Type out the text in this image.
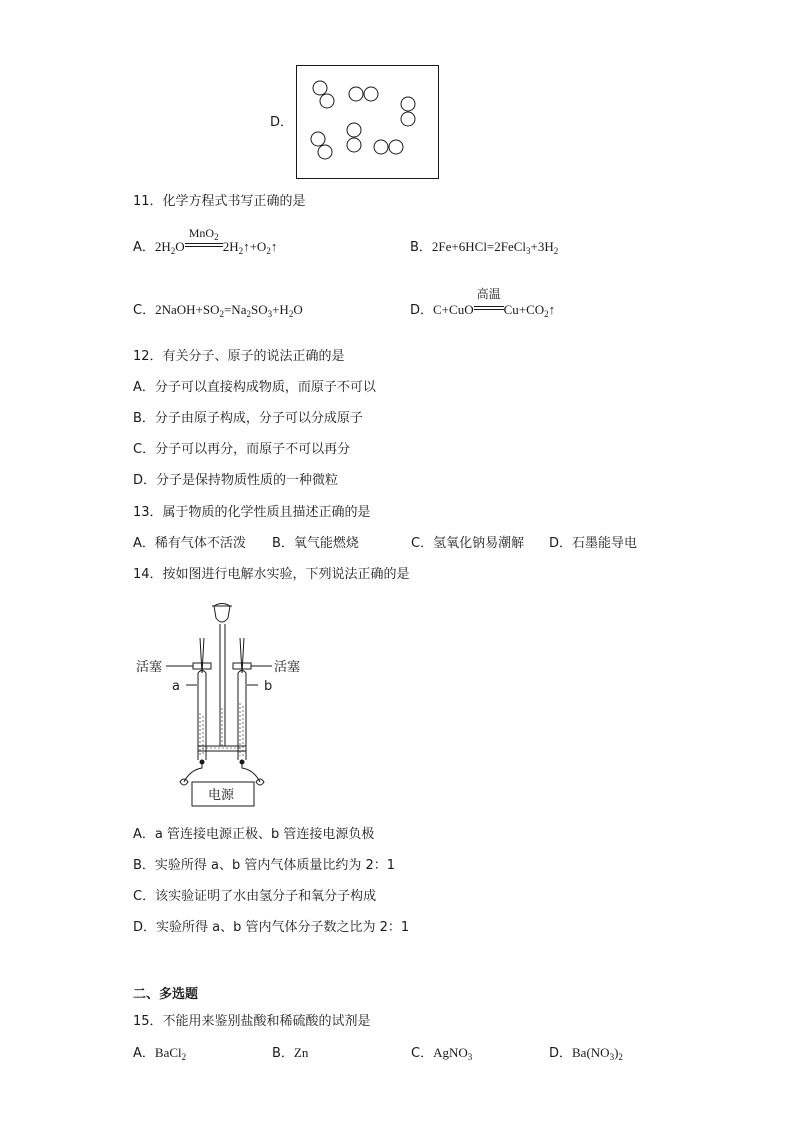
D．
11．化学方程式书写正确的是
A．$2H_2O$
MnO$_2$
$2H_2↑+O_2↑$	B．$2Fe+6HCl=2FeCl_3+3H_2$
C．$2NaOH+SO_2=Na_2SO_3+H_2O$	D．C+CuO
高温
$Cu+CO_2↑$
12．有关分子、原子的说法正确的是
A．分子可以直接构成物质，而原子不可以
B．分子由原子构成，分子可以分成原子
C．分子可以再分，而原子不可以再分
D．分子是保持物质性质的一种微粒
13．属于物质的化学性质且描述正确的是
A．稀有气体不活泼 B．氧气能燃烧	C．氢氧化钠易潮解 D．石墨能导电
14．按如图进行电解水实验，下列说法正确的是
活塞	活塞
a	b
电源
A．a 管连接电源正极、b 管连接电源负极
B．实验所得 a、b 管内气体质量比约为 2：1
C．该实验证明了水由氢分子和氧分子构成
D．实验所得 a、b 管内气体分子数之比为 2：1
二、多选题
15．不能用来鉴别盐酸和稀硫酸的试剂是
A．BaCl$_2$	B．Zn	C．AgNO$_3$	D．$Ba(NO_3)_2$
